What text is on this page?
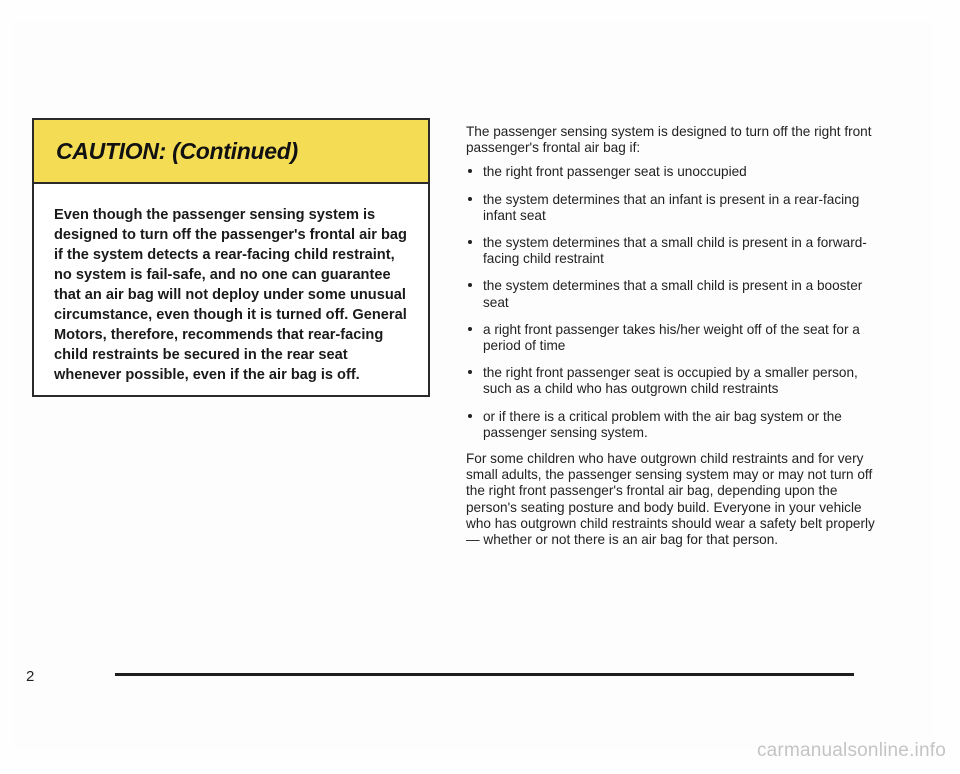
CAUTION: (Continued)
Even though the passenger sensing system is designed to turn off the passenger's frontal air bag if the system detects a rear-facing child restraint, no system is fail-safe, and no one can guarantee that an air bag will not deploy under some unusual circumstance, even though it is turned off. General Motors, therefore, recommends that rear-facing child restraints be secured in the rear seat whenever possible, even if the air bag is off.

The passenger sensing system is designed to turn off the right front passenger's frontal air bag if:

the right front passenger seat is unoccupied
the system determines that an infant is present in a rear-facing infant seat
the system determines that a small child is present in a forward-facing child restraint
the system determines that a small child is present in a booster seat
a right front passenger takes his/her weight off of the seat for a period of time
the right front passenger seat is occupied by a smaller person, such as a child who has outgrown child restraints
or if there is a critical problem with the air bag system or the passenger sensing system.

For some children who have outgrown child restraints and for very small adults, the passenger sensing system may or may not turn off the right front passenger's frontal air bag, depending upon the person's seating posture and body build. Everyone in your vehicle who has outgrown child restraints should wear a safety belt properly — whether or not there is an air bag for that person.

2
carmanualsonline.info
